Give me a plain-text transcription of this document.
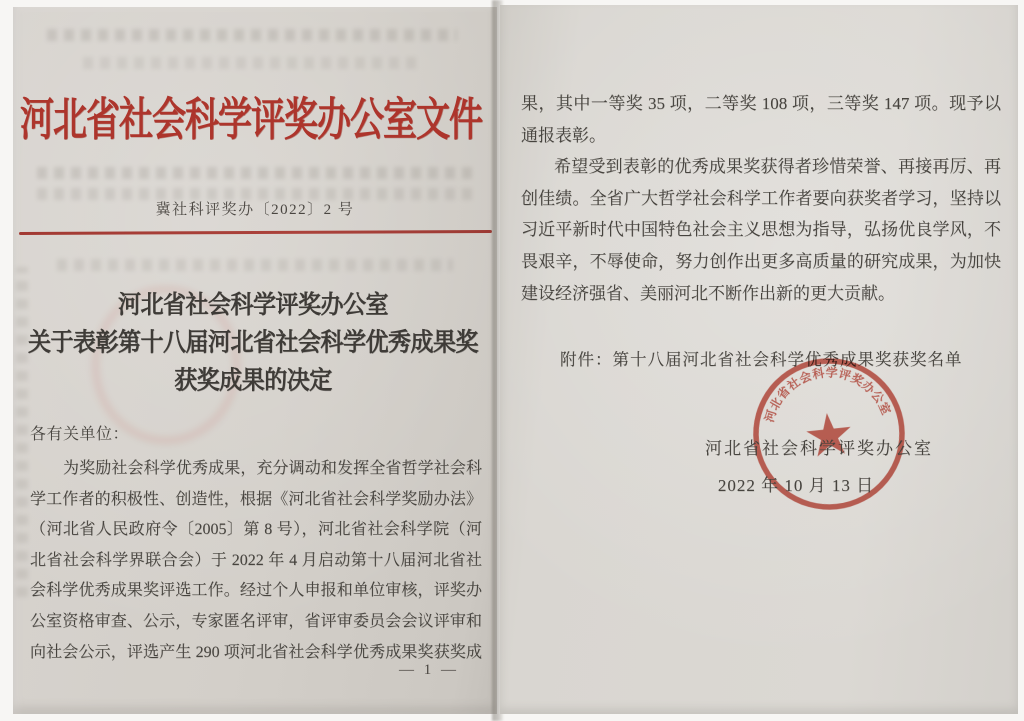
河北省社会科学评奖办公室文件
冀社科评奖办〔2022〕2 号
河北省社会科学评奖办公室
关于表彰第十八届河北省社会科学优秀成果奖
获奖成果的决定
各有关单位：
为奖励社会科学优秀成果，充分调动和发挥全省哲学社会科
学工作者的积极性、创造性，根据《河北省社会科学奖励办法》
（河北省人民政府令〔2005〕第 8 号），河北省社会科学院（河
北省社会科学界联合会）于 2022 年 4 月启动第十八届河北省社
会科学优秀成果奖评选工作。经过个人申报和单位审核，评奖办
公室资格审查、公示，专家匿名评审，省评审委员会会议评审和
向社会公示，评选产生 290 项河北省社会科学优秀成果奖获奖成
— 1 —
果，其中一等奖 35 项，二等奖 108 项，三等奖 147 项。现予以
通报表彰。
希望受到表彰的优秀成果奖获得者珍惜荣誉、再接再厉、再
创佳绩。全省广大哲学社会科学工作者要向获奖者学习，坚持以
习近平新时代中国特色社会主义思想为指导，弘扬优良学风，不
畏艰辛，不辱使命，努力创作出更多高质量的研究成果，为加快
建设经济强省、美丽河北不断作出新的更大贡献。
附件：第十八届河北省社会科学优秀成果奖获奖名单
★
河北省社会科学评奖办公室
河北省社会科学评奖办公室
2022 年 10 月 13 日
